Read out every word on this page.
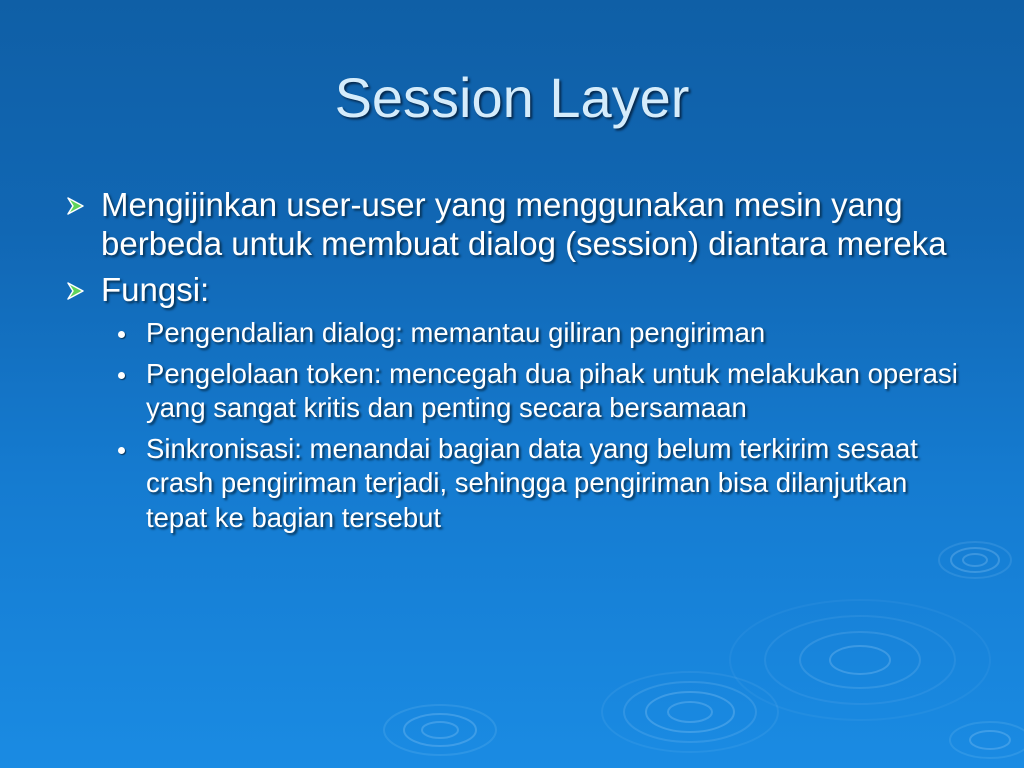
Session Layer
Mengijinkan user-user yang menggunakan mesin yang berbeda untuk membuat dialog (session) diantara mereka
Fungsi:
Pengendalian dialog: memantau giliran pengiriman
Pengelolaan token: mencegah dua pihak untuk melakukan operasi yang sangat kritis dan penting secara bersamaan
Sinkronisasi: menandai bagian data yang belum terkirim sesaat crash pengiriman terjadi, sehingga pengiriman bisa dilanjutkan tepat ke bagian tersebut
